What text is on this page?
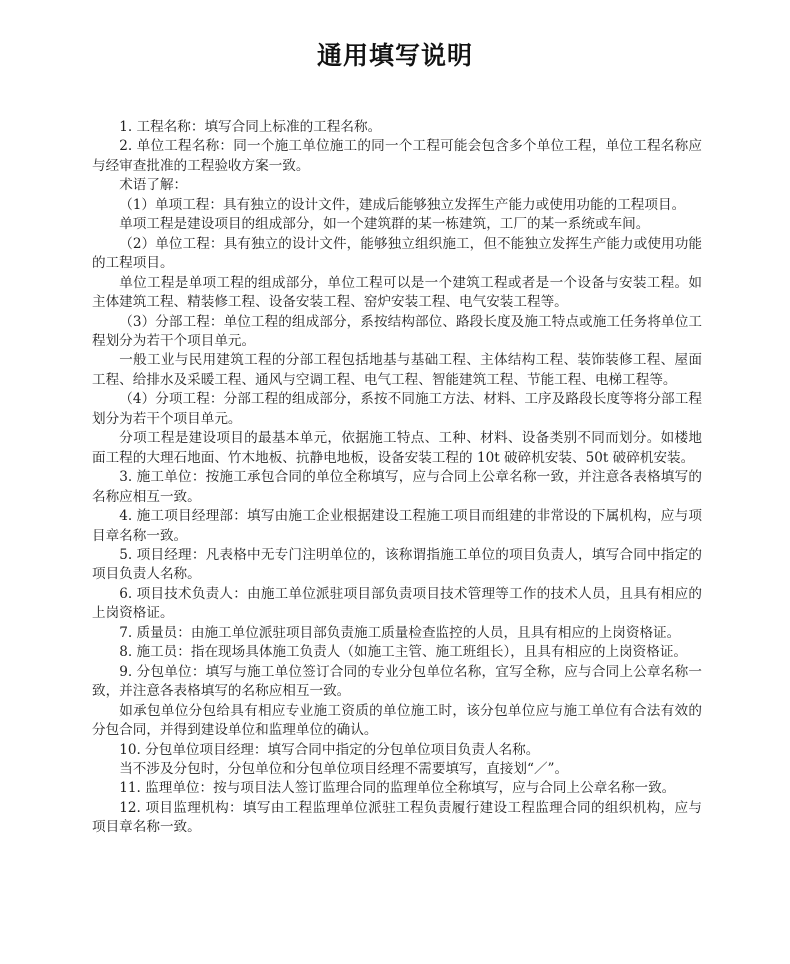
通用填写说明

1. 工程名称：填写合同上标准的工程名称。

2. 单位工程名称：同一个施工单位施工的同一个工程可能会包含多个单位工程，单位工程名称应与经审查批准的工程验收方案一致。

术语了解：

（1）单项工程：具有独立的设计文件，建成后能够独立发挥生产能力或使用功能的工程项目。

单项工程是建设项目的组成部分，如一个建筑群的某一栋建筑，工厂的某一系统或车间。

（2）单位工程：具有独立的设计文件，能够独立组织施工，但不能独立发挥生产能力或使用功能的工程项目。

单位工程是单项工程的组成部分，单位工程可以是一个建筑工程或者是一个设备与安装工程。如主体建筑工程、精装修工程、设备安装工程、窑炉安装工程、电气安装工程等。

（3）分部工程：单位工程的组成部分，系按结构部位、路段长度及施工特点或施工任务将单位工程划分为若干个项目单元。

一般工业与民用建筑工程的分部工程包括地基与基础工程、主体结构工程、装饰装修工程、屋面工程、给排水及采暖工程、通风与空调工程、电气工程、智能建筑工程、节能工程、电梯工程等。

（4）分项工程：分部工程的组成部分，系按不同施工方法、材料、工序及路段长度等将分部工程划分为若干个项目单元。

分项工程是建设项目的最基本单元，依据施工特点、工种、材料、设备类别不同而划分。如楼地面工程的大理石地面、竹木地板、抗静电地板，设备安装工程的 10t 破碎机安装、50t 破碎机安装。

3. 施工单位：按施工承包合同的单位全称填写，应与合同上公章名称一致，并注意各表格填写的名称应相互一致。

4. 施工项目经理部：填写由施工企业根据建设工程施工项目而组建的非常设的下属机构，应与项目章名称一致。

5. 项目经理：凡表格中无专门注明单位的，该称谓指施工单位的项目负责人，填写合同中指定的项目负责人名称。

6. 项目技术负责人：由施工单位派驻项目部负责项目技术管理等工作的技术人员，且具有相应的上岗资格证。

7. 质量员：由施工单位派驻项目部负责施工质量检查监控的人员，且具有相应的上岗资格证。

8. 施工员：指在现场具体施工负责人（如施工主管、施工班组长），且具有相应的上岗资格证。

9. 分包单位：填写与施工单位签订合同的专业分包单位名称，宜写全称，应与合同上公章名称一致，并注意各表格填写的名称应相互一致。

如承包单位分包给具有相应专业施工资质的单位施工时，该分包单位应与施工单位有合法有效的分包合同，并得到建设单位和监理单位的确认。

10. 分包单位项目经理：填写合同中指定的分包单位项目负责人名称。

当不涉及分包时，分包单位和分包单位项目经理不需要填写，直接划“／”。

11. 监理单位：按与项目法人签订监理合同的监理单位全称填写，应与合同上公章名称一致。

12. 项目监理机构：填写由工程监理单位派驻工程负责履行建设工程监理合同的组织机构，应与项目章名称一致。
